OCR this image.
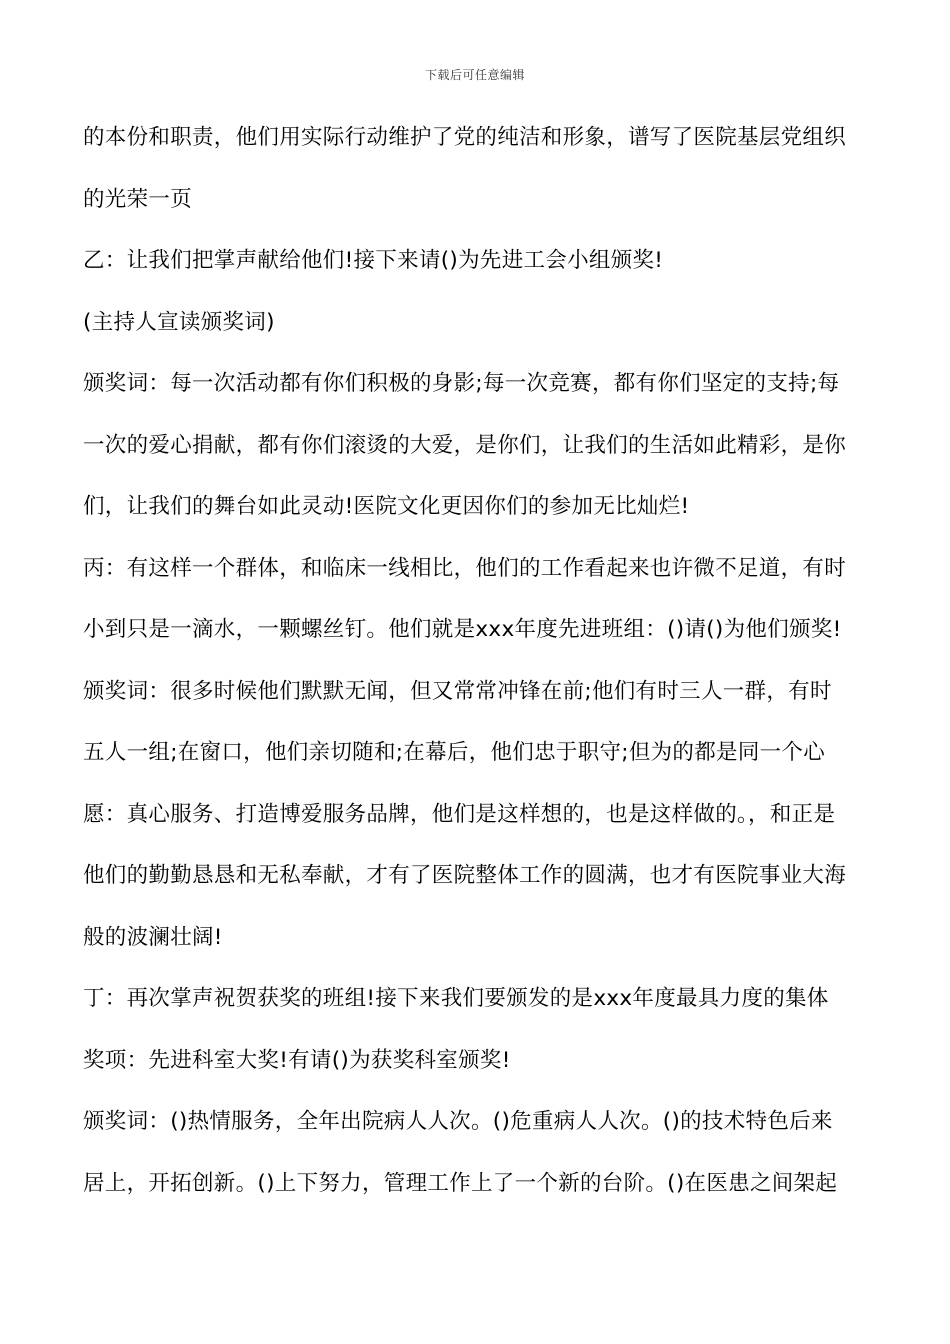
下载后可任意编辑
的本份和职责，他们用实际行动维护了党的纯洁和形象，谱写了医院基层党组织
的光荣一页
乙：让我们把掌声献给他们!接下来请()为先进工会小组颁奖!
(主持人宣读颁奖词)
颁奖词：每一次活动都有你们积极的身影;每一次竞赛，都有你们坚定的支持;每
一次的爱心捐献，都有你们滚烫的大爱，是你们，让我们的生活如此精彩，是你
们，让我们的舞台如此灵动!医院文化更因你们的参加无比灿烂!
丙：有这样一个群体，和临床一线相比，他们的工作看起来也许微不足道，有时
小到只是一滴水，一颗螺丝钉。他们就是xxx年度先进班组：()请()为他们颁奖!
颁奖词：很多时候他们默默无闻，但又常常冲锋在前;他们有时三人一群，有时
五人一组;在窗口，他们亲切随和;在幕后，他们忠于职守;但为的都是同一个心
愿：真心服务、打造博爱服务品牌，他们是这样想的，也是这样做的。，和正是
他们的勤勤恳恳和无私奉献，才有了医院整体工作的圆满，也才有医院事业大海
般的波澜壮阔!
丁：再次掌声祝贺获奖的班组!接下来我们要颁发的是xxx年度最具力度的集体
奖项：先进科室大奖!有请()为获奖科室颁奖!
颁奖词：()热情服务，全年出院病人人次。()危重病人人次。()的技术特色后来
居上，开拓创新。()上下努力，管理工作上了一个新的台阶。()在医患之间架起
